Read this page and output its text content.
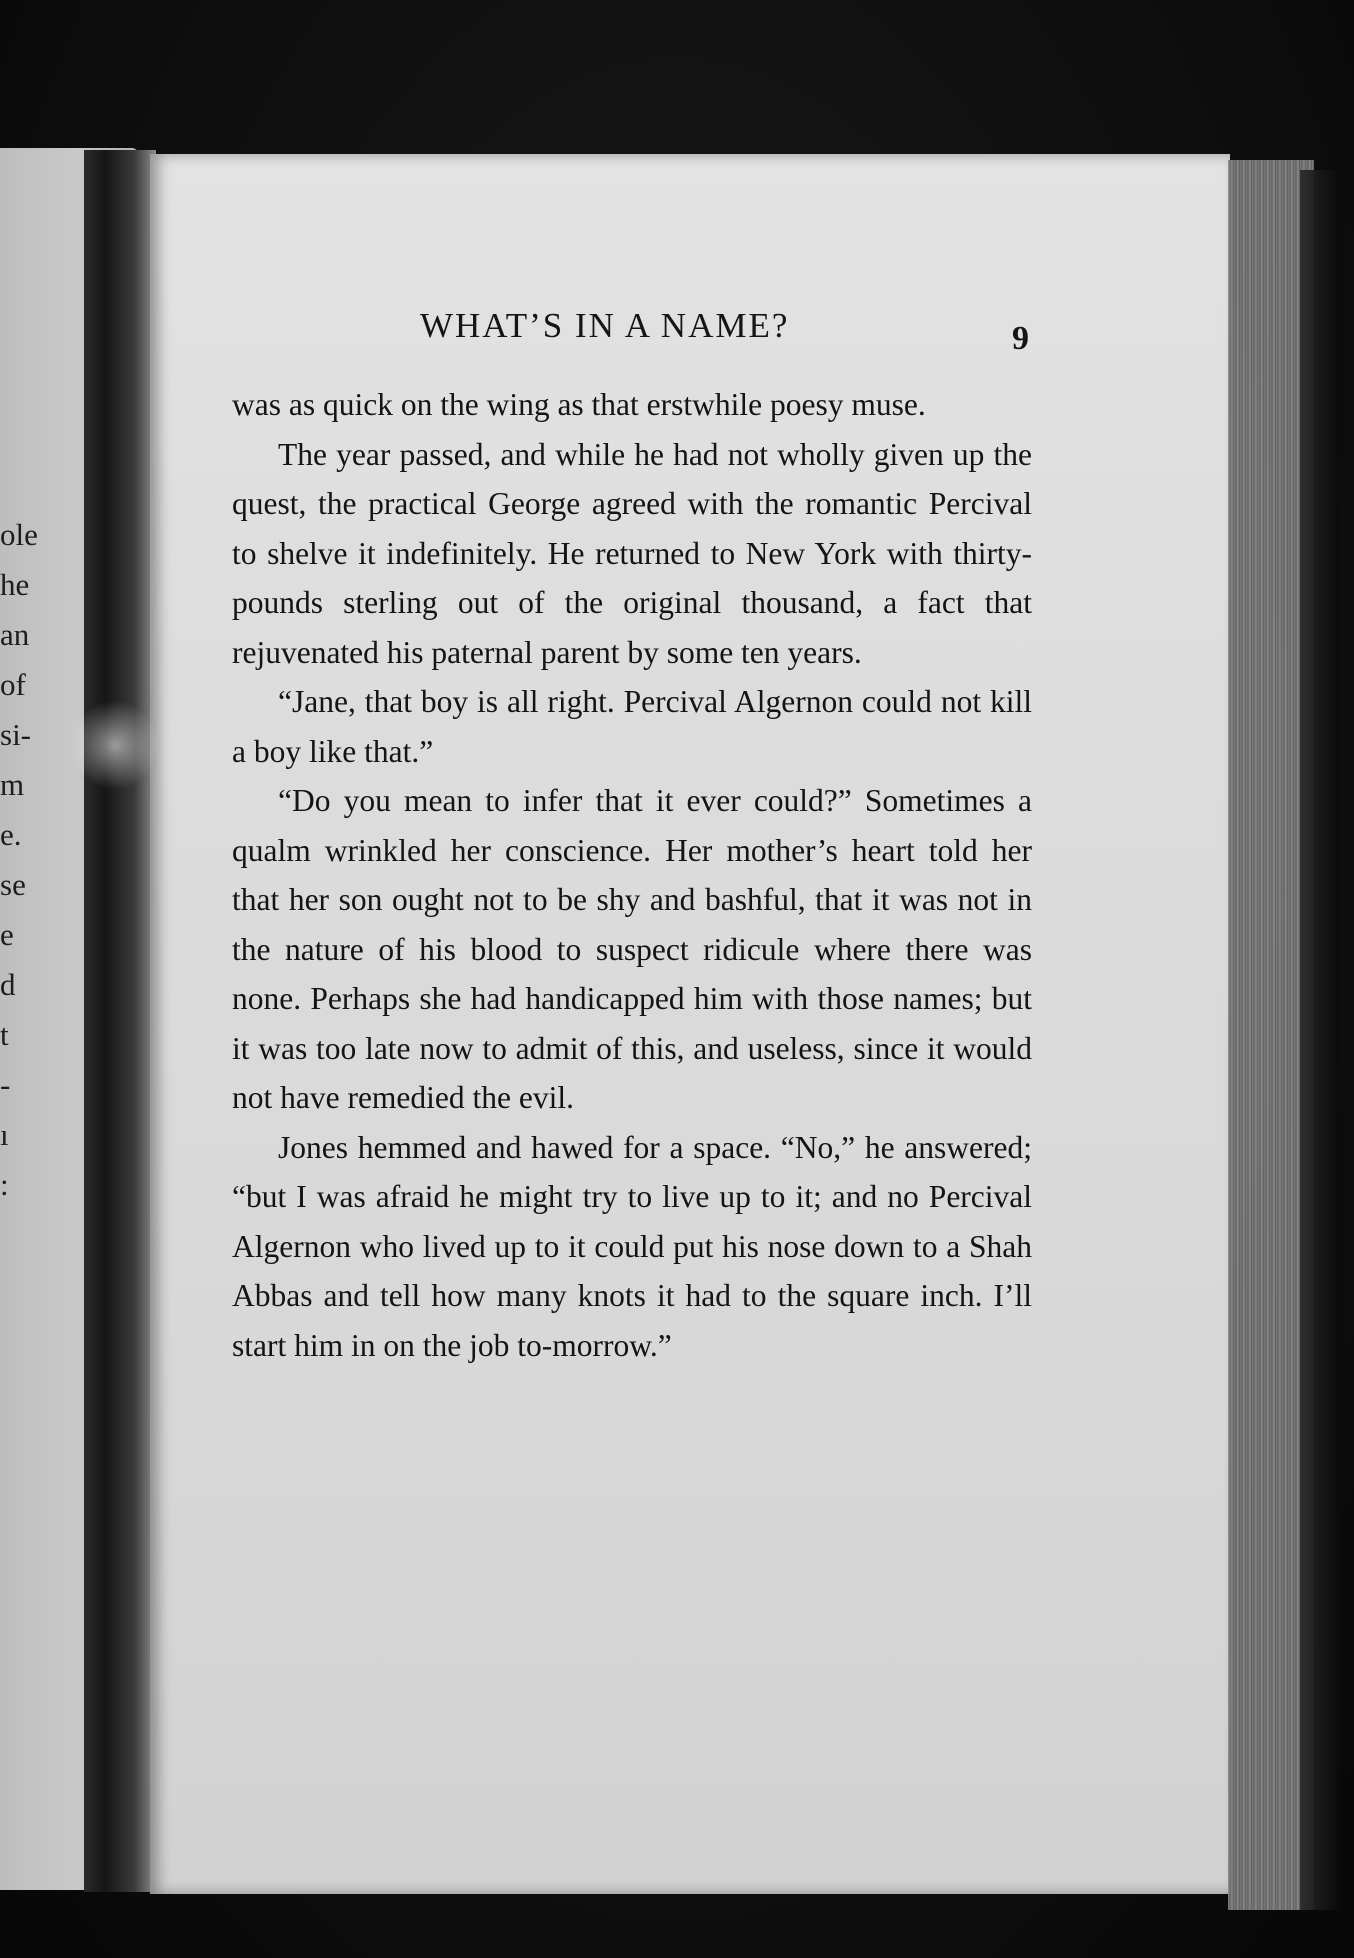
ole
he
an
of
si-
m
e.
se
e
d
t
-
ı
:
WHAT’S IN A NAME?	9

was as quick on the wing as that erstwhile poesy muse.

The year passed, and while he had not wholly given up the quest, the practical George agreed with the romantic Percival to shelve it indefinitely. He returned to New York with thirty-pounds sterling out of the original thousand, a fact that rejuvenated his paternal parent by some ten years.

“Jane, that boy is all right. Percival Algernon could not kill a boy like that.”

“Do you mean to infer that it ever could?” Sometimes a qualm wrinkled her conscience. Her mother’s heart told her that her son ought not to be shy and bashful, that it was not in the nature of his blood to suspect ridicule where there was none. Perhaps she had handicapped him with those names; but it was too late now to admit of this, and useless, since it would not have remedied the evil.

Jones hemmed and hawed for a space. “No,” he answered; “but I was afraid he might try to live up to it; and no Percival Algernon who lived up to it could put his nose down to a Shah Abbas and tell how many knots it had to the square inch. I’ll start him in on the job to-morrow.”
